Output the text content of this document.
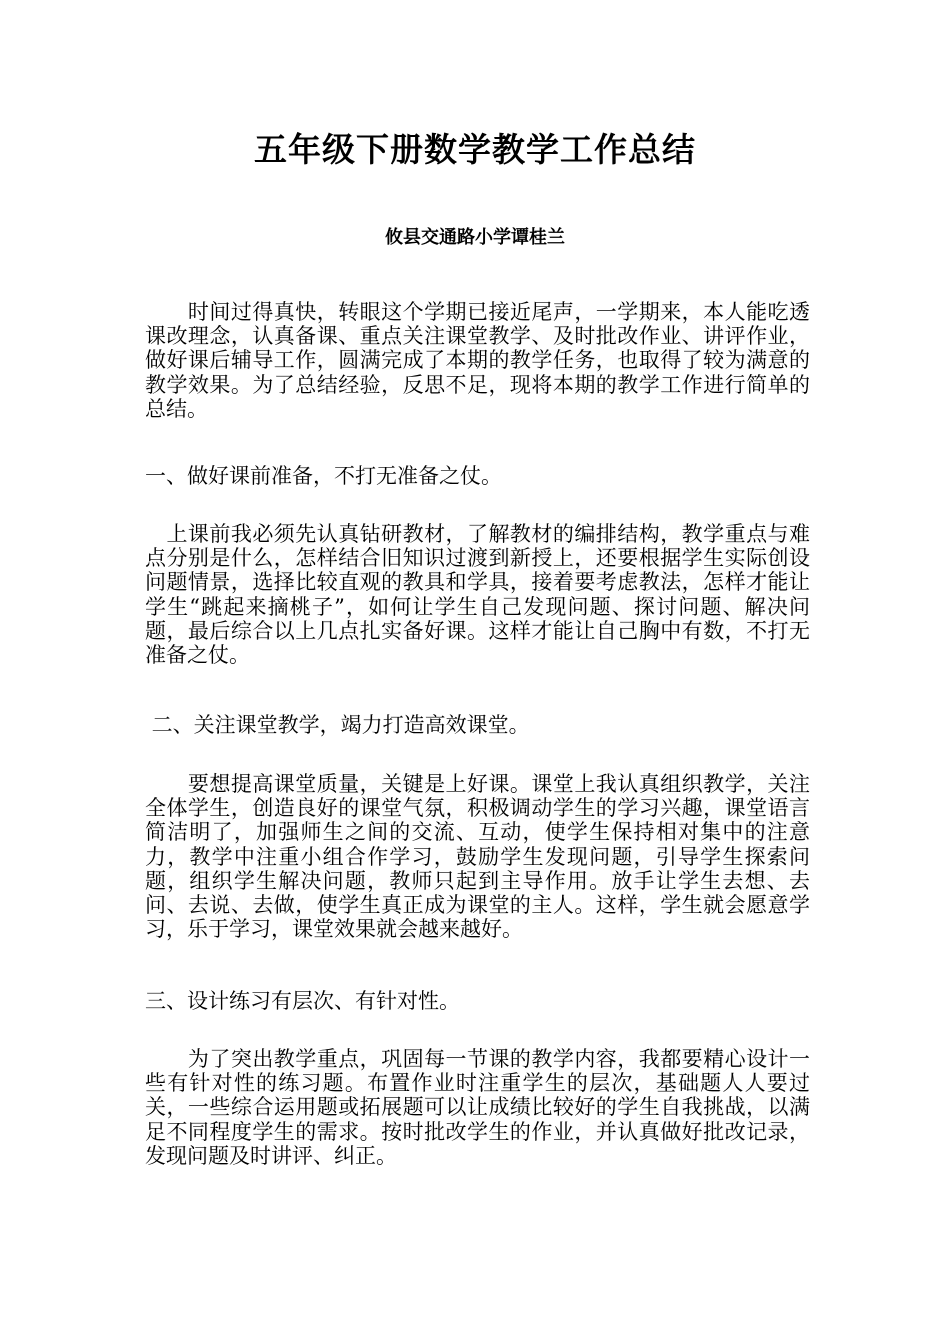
五年级下册数学教学工作总结
攸县交通路小学谭桂兰

　　时间过得真快，转眼这个学期已接近尾声，一学期来，本人能吃透课改理念，认真备课、重点关注课堂教学、及时批改作业、讲评作业，做好课后辅导工作，圆满完成了本期的教学任务，也取得了较为满意的教学效果。为了总结经验，反思不足，现将本期的教学工作进行简单的总结。

一、做好课前准备，不打无准备之仗。

　上课前我必须先认真钻研教材，了解教材的编排结构，教学重点与难点分别是什么，怎样结合旧知识过渡到新授上，还要根据学生实际创设问题情景，选择比较直观的教具和学具，接着要考虑教法，怎样才能让学生“跳起来摘桃子”，如何让学生自己发现问题、探讨问题、解决问题，最后综合以上几点扎实备好课。这样才能让自己胸中有数，不打无准备之仗。

二、关注课堂教学，竭力打造高效课堂。

　　要想提高课堂质量，关键是上好课。课堂上我认真组织教学，关注全体学生，创造良好的课堂气氛，积极调动学生的学习兴趣，课堂语言简洁明了，加强师生之间的交流、互动，使学生保持相对集中的注意力，教学中注重小组合作学习，鼓励学生发现问题，引导学生探索问题，组织学生解决问题，教师只起到主导作用。放手让学生去想、去问、去说、去做，使学生真正成为课堂的主人。这样，学生就会愿意学习，乐于学习，课堂效果就会越来越好。

三、设计练习有层次、有针对性。

　　为了突出教学重点，巩固每一节课的教学内容，我都要精心设计一些有针对性的练习题。布置作业时注重学生的层次，基础题人人要过关，一些综合运用题或拓展题可以让成绩比较好的学生自我挑战，以满足不同程度学生的需求。按时批改学生的作业，并认真做好批改记录，发现问题及时讲评、纠正。
